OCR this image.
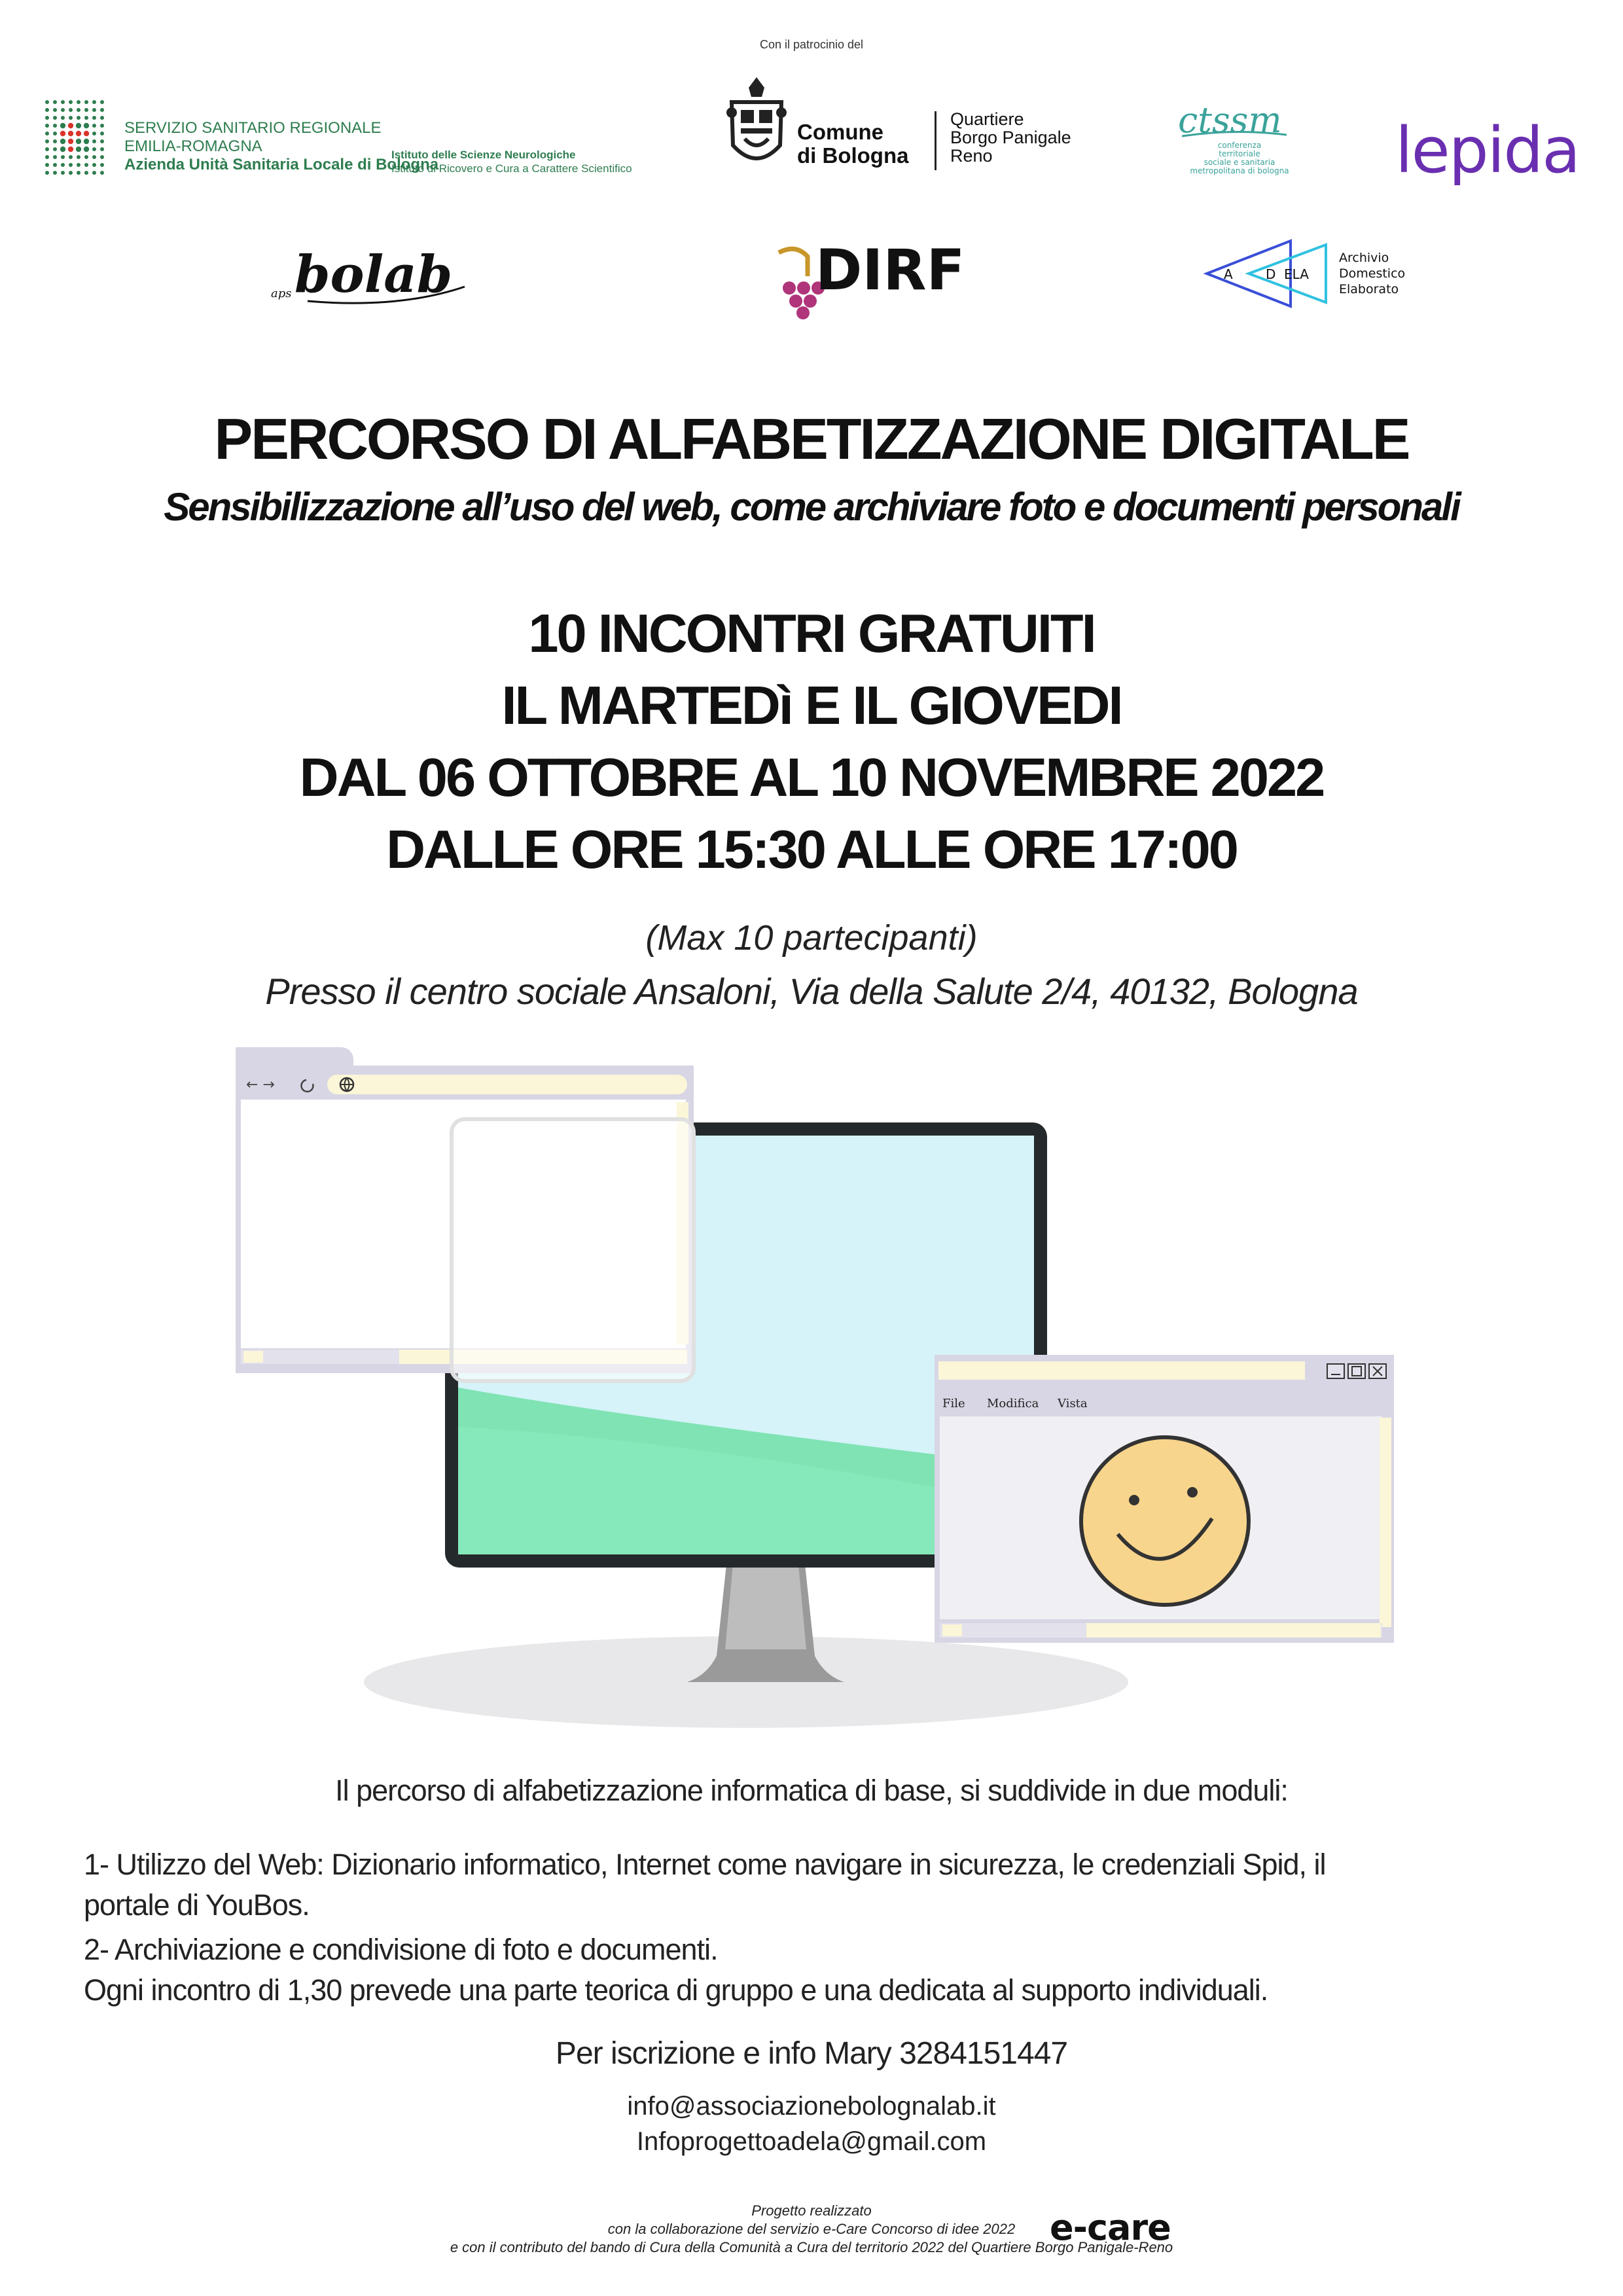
Con il patrocinio del
SERVIZIO SANITARIO REGIONALE
EMILIA-ROMAGNA
Azienda Unità Sanitaria Locale di Bologna
Istituto delle Scienze Neurologiche
Istituto di Ricovero e Cura a Carattere Scientifico
Comune
di Bologna
Quartiere
Borgo Panigale
Reno
ctssm
conferenza
territoriale
sociale e sanitaria
metropolitana di bologna lepida
aps bolab	DIRF	A	D ELA
Archivio
Domestico
Elaborato
PERCORSO DI ALFABETIZZAZIONE DIGITALE
Sensibilizzazione all’uso del web, come archiviare foto e documenti personali
10 INCONTRI GRATUITI
IL MARTEDì E IL GIOVEDI
DAL 06 OTTOBRE AL 10 NOVEMBRE 2022
DALLE ORE 15:30 ALLE ORE 17:00
(Max 10 partecipanti)
Presso il centro sociale Ansaloni, Via della Salute 2/4, 40132, Bologna
← →
File Modifica Vista
Il percorso di alfabetizzazione informatica di base, si suddivide in due moduli:
1- Utilizzo del Web: Dizionario informatico, Internet come navigare in sicurezza, le credenziali Spid, il
portale di YouBos.
2- Archiviazione e condivisione di foto e documenti.
Ogni incontro di 1,30 prevede una parte teorica di gruppo e una dedicata al supporto individuali.
Per iscrizione e info Mary 3284151447
info@associazionebolognalab.it
Infoprogettoadela@gmail.com
Progetto realizzato
con la collaborazione del servizio e-Care Concorso di idee 2022
e con il contributo del bando di Cura della Comunità a Cura del territorio 2022 del Quartiere Borgo Panigale-Reno
e-care
